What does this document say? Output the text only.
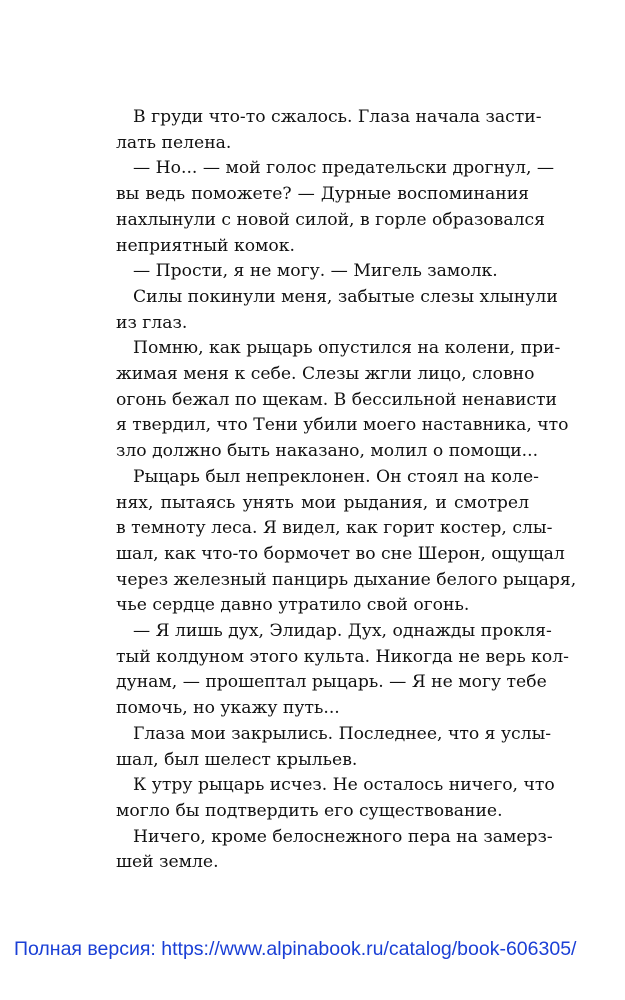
В груди что-то сжалось. Глаза начала засти-
лать пелена.
— Но... — мой голос предательски дрогнул, —
вы ведь поможете? — Дурные воспоминания
нахлынули с новой силой, в горле образовался
неприятный комок.
— Прости, я не могу. — Мигель замолк.
Силы покинули меня, забытые слезы хлынули
из глаз.
Помню, как рыцарь опустился на колени, при-
жимая меня к себе. Слезы жгли лицо, словно
огонь бежал по щекам. В бессильной ненависти
я твердил, что Тени убили моего наставника, что
зло должно быть наказано, молил о помощи...
Рыцарь был непреклонен. Он стоял на коле-
нях, пытаясь унять мои рыдания, и смотрел
в темноту леса. Я видел, как горит костер, слы-
шал, как что-то бормочет во сне Шерон, ощущал
через железный панцирь дыхание белого рыцаря,
чье сердце давно утратило свой огонь.
— Я лишь дух, Элидар. Дух, однажды прокля-
тый колдуном этого культа. Никогда не верь кол-
дунам, — прошептал рыцарь. — Я не могу тебе
помочь, но укажу путь...
Глаза мои закрылись. Последнее, что я услы-
шал, был шелест крыльев.
К утру рыцарь исчез. Не осталось ничего, что
могло бы подтвердить его существование.
Ничего, кроме белоснежного пера на замерз-
шей земле.
Полная версия: https://www.alpinabook.ru/catalog/book-606305/
